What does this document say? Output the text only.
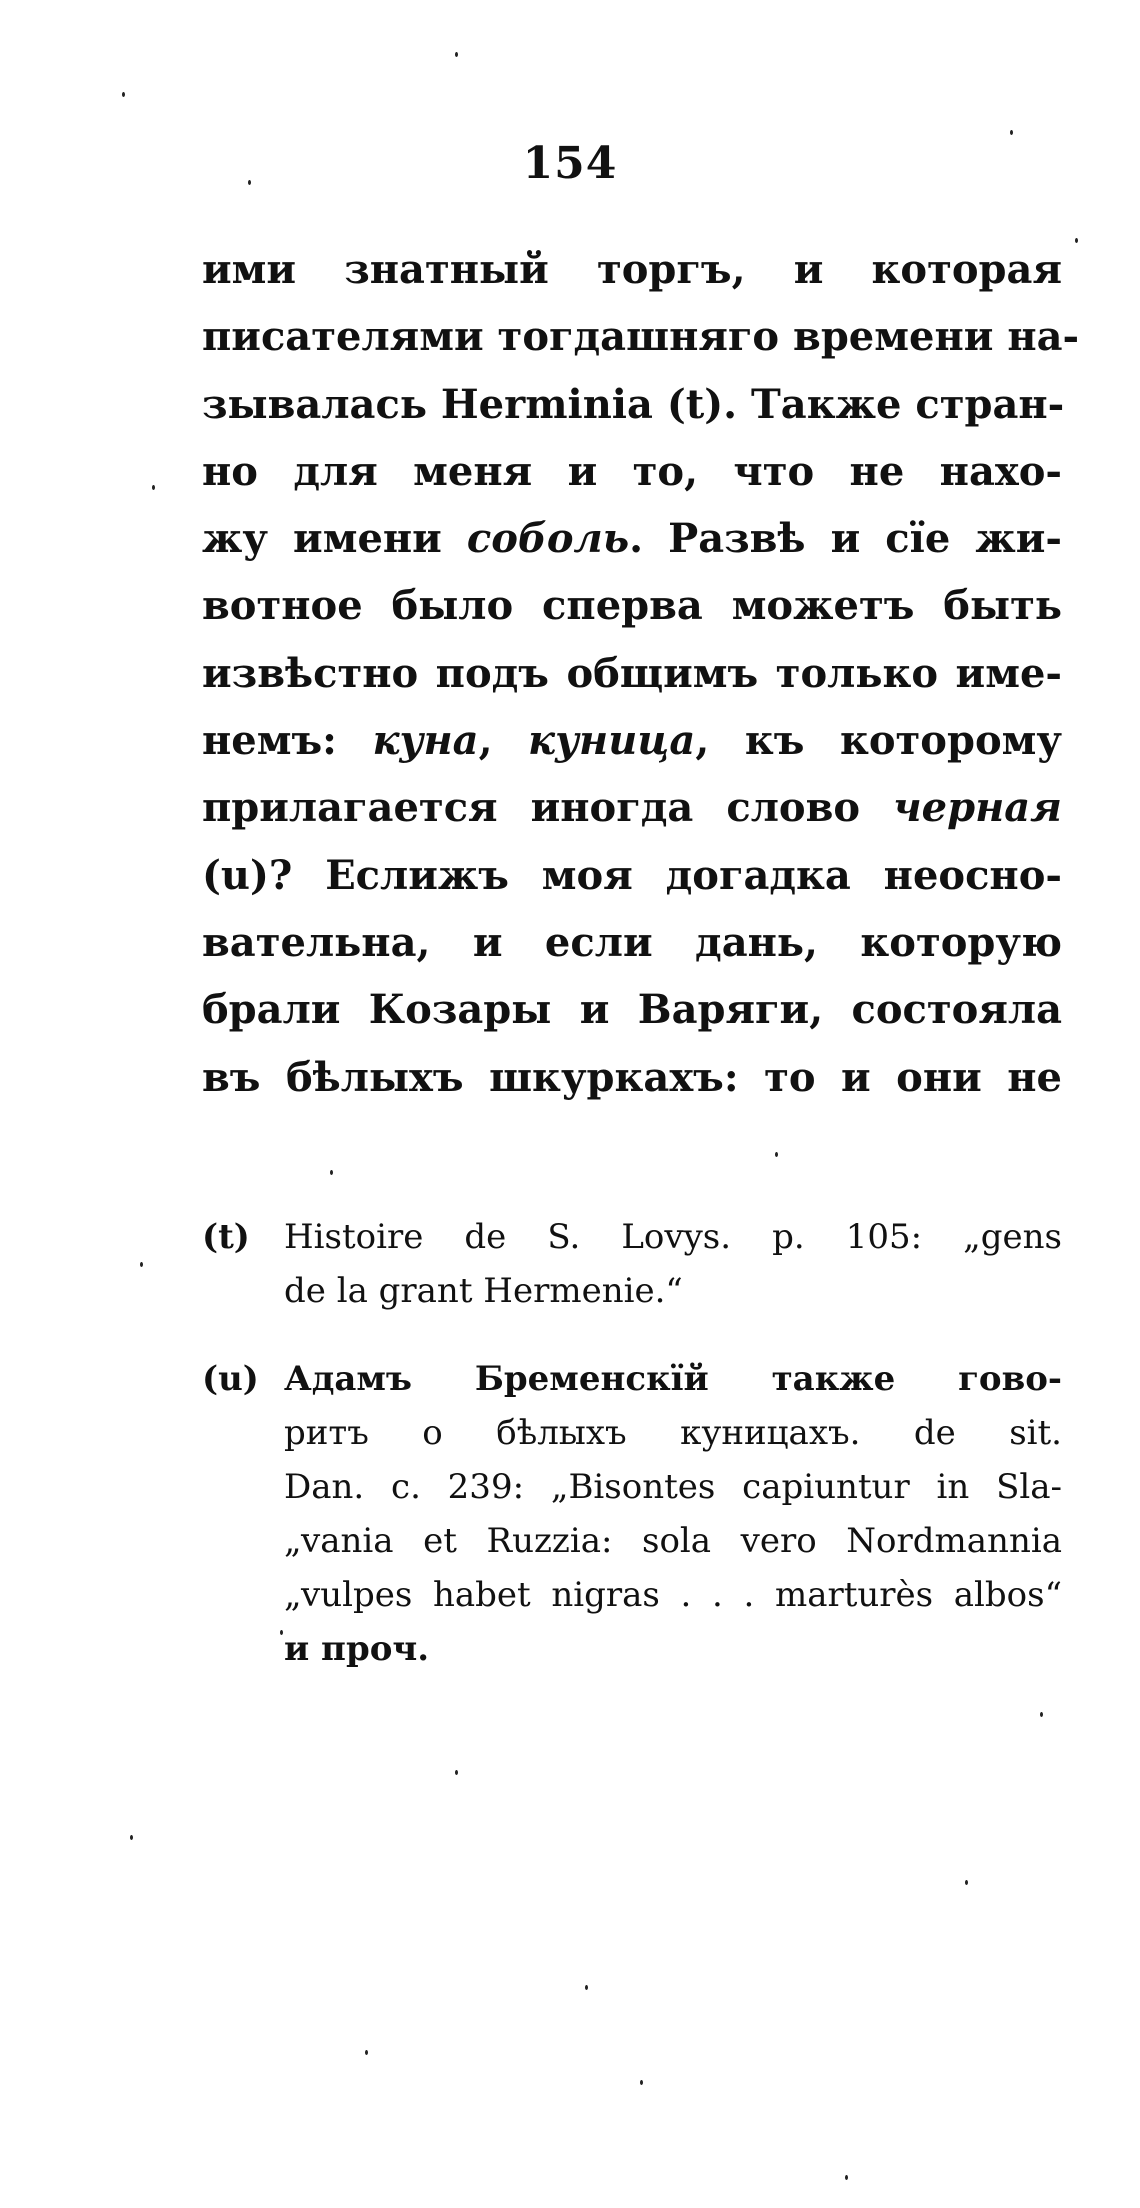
154
ими знатный торгъ, и которая
писателями тогдашняго времени на-
зывалась Herminia (t). Также стран-
но для меня и то, что не нахо-
жу имени соболь. Развѣ и сїе жи-
вотное было сперва можетъ быть
извѣстно подъ общимъ только име-
немъ: куна, куница, къ которому
прилагается иногда слово черная
(u)? Еслижъ моя догадка неосно-
вательна, и если дань, которую
брали Козары и Варяги, состояла
въ бѣлыхъ шкуркахъ: то и они не
(t) Histoire de S. Lovys. p. 105: „gens
de la grant Hermenie.“
(u) Адамъ Бременскїй также гово-
ритъ о бѣлыхъ куницахъ. de sit.
Dan. c. 239: „Bisontes capiuntur in Sla-
„vania et Ruzzia: sola vero Nordmannia
„vulpes habet nigras . . . marturès albos“
и проч.
